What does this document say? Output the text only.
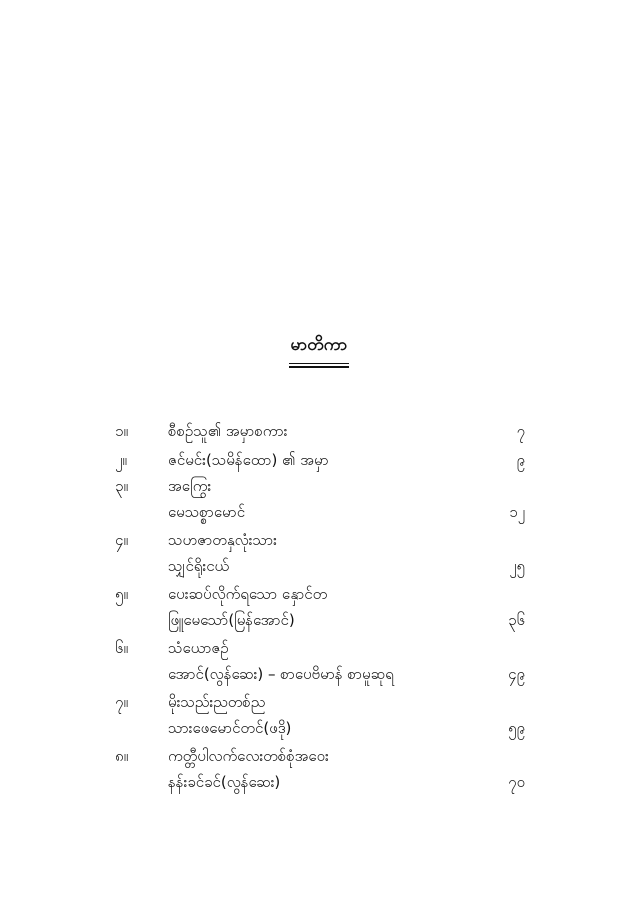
မာတိကာ
၁။	စီစဉ်သူ၏ အမှာစကား	၇
၂။	ဇင်မင်း(သမိန်ထော) ၏ အမှာ	၉
၃။	အကြွေး
မေသစ္စာမောင်	၁၂
၄။	သဟဇာတနှလုံးသား
သျှင်ရိုးငယ်	၂၅
၅။	ပေးဆပ်လိုက်ရသော နှောင်တ
ဖြူမေသော်(မြန်အောင်)	၃၆
၆။	သံယောဇဉ်
အောင်(လွန်ဆေး) – စာပေဗိမာန် စာမူဆုရ	၄၉
၇။	မိုးသည်းညတစ်ည
သားဖေမောင်တင်(ဖဒို)	၅၉
၈။	ကတ္တီပါလက်လေးတစ်စုံအဝေး
နန်းခင်ခင်(လွန်ဆေး)	၇၀
